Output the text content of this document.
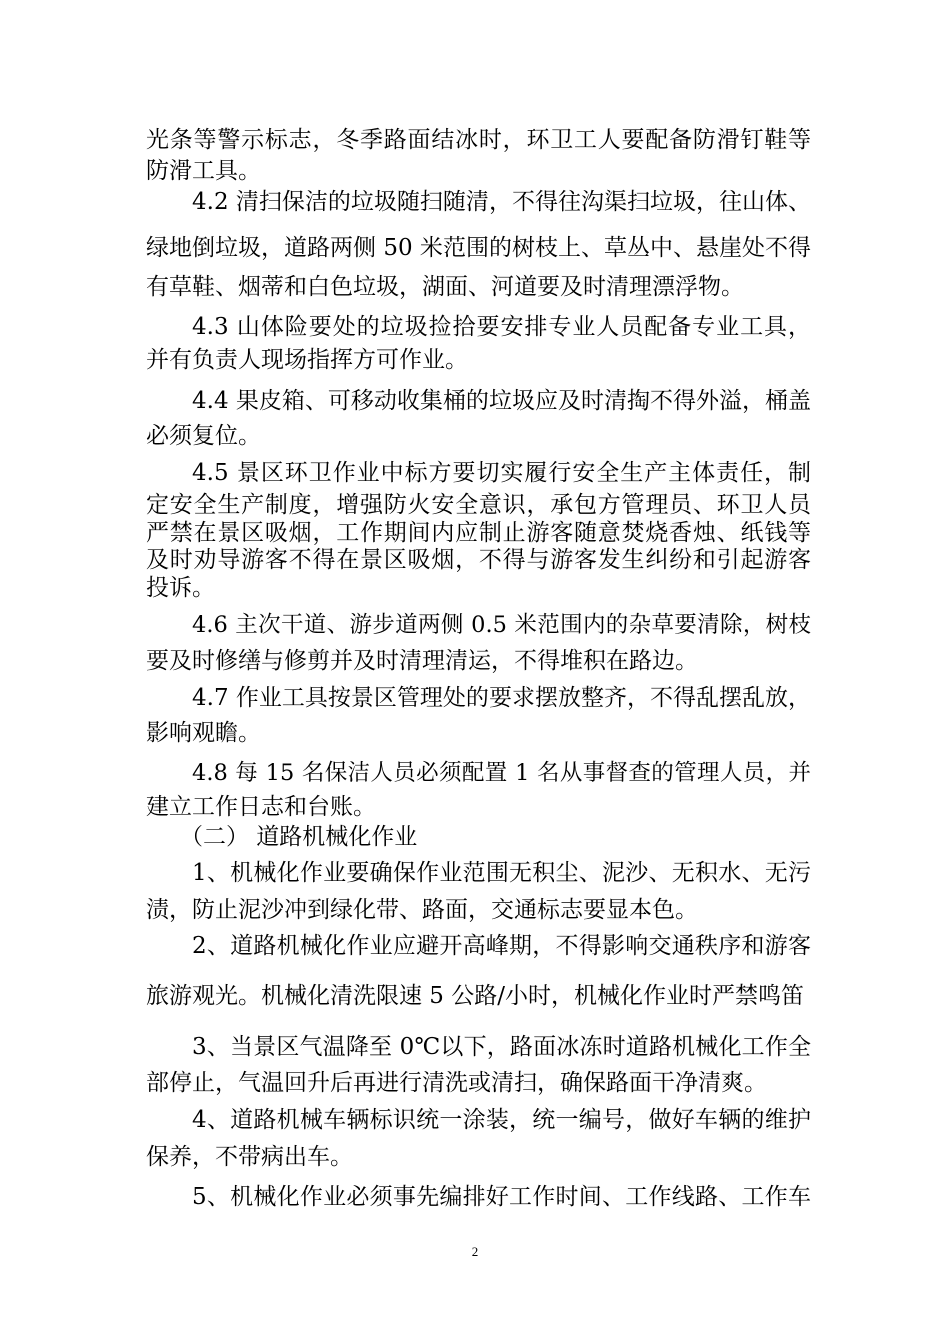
光条等警示标志，冬季路面结冰时，环卫工人要配备防滑钉鞋等
防滑工具。
4.2 清扫保洁的垃圾随扫随清，不得往沟渠扫垃圾，往山体、
绿地倒垃圾，道路两侧 50 米范围的树枝上、草丛中、悬崖处不得
有草鞋、烟蒂和白色垃圾，湖面、河道要及时清理漂浮物。
4.3 山体险要处的垃圾捡拾要安排专业人员配备专业工具，
并有负责人现场指挥方可作业。
4.4 果皮箱、可移动收集桶的垃圾应及时清掏不得外溢，桶盖
必须复位。
4.5 景区环卫作业中标方要切实履行安全生产主体责任，制
定安全生产制度，增强防火安全意识，承包方管理员、环卫人员
严禁在景区吸烟，工作期间内应制止游客随意焚烧香烛、纸钱等
及时劝导游客不得在景区吸烟，不得与游客发生纠纷和引起游客
投诉。
4.6 主次干道、游步道两侧 0.5 米范围内的杂草要清除，树枝
要及时修缮与修剪并及时清理清运，不得堆积在路边。
4.7 作业工具按景区管理处的要求摆放整齐，不得乱摆乱放，
影响观瞻。
4.8 每 15 名保洁人员必须配置 1 名从事督查的管理人员，并
建立工作日志和台账。
（二） 道路机械化作业
1、机械化作业要确保作业范围无积尘、泥沙、无积水、无污
渍，防止泥沙冲到绿化带、路面，交通标志要显本色。
2、道路机械化作业应避开高峰期，不得影响交通秩序和游客
旅游观光。机械化清洗限速 5 公路/小时，机械化作业时严禁鸣笛
3、当景区气温降至 0℃以下，路面冰冻时道路机械化工作全
部停止，气温回升后再进行清洗或清扫，确保路面干净清爽。
4、道路机械车辆标识统一涂装，统一编号，做好车辆的维护
保养，不带病出车。
5、机械化作业必须事先编排好工作时间、工作线路、工作车
2
